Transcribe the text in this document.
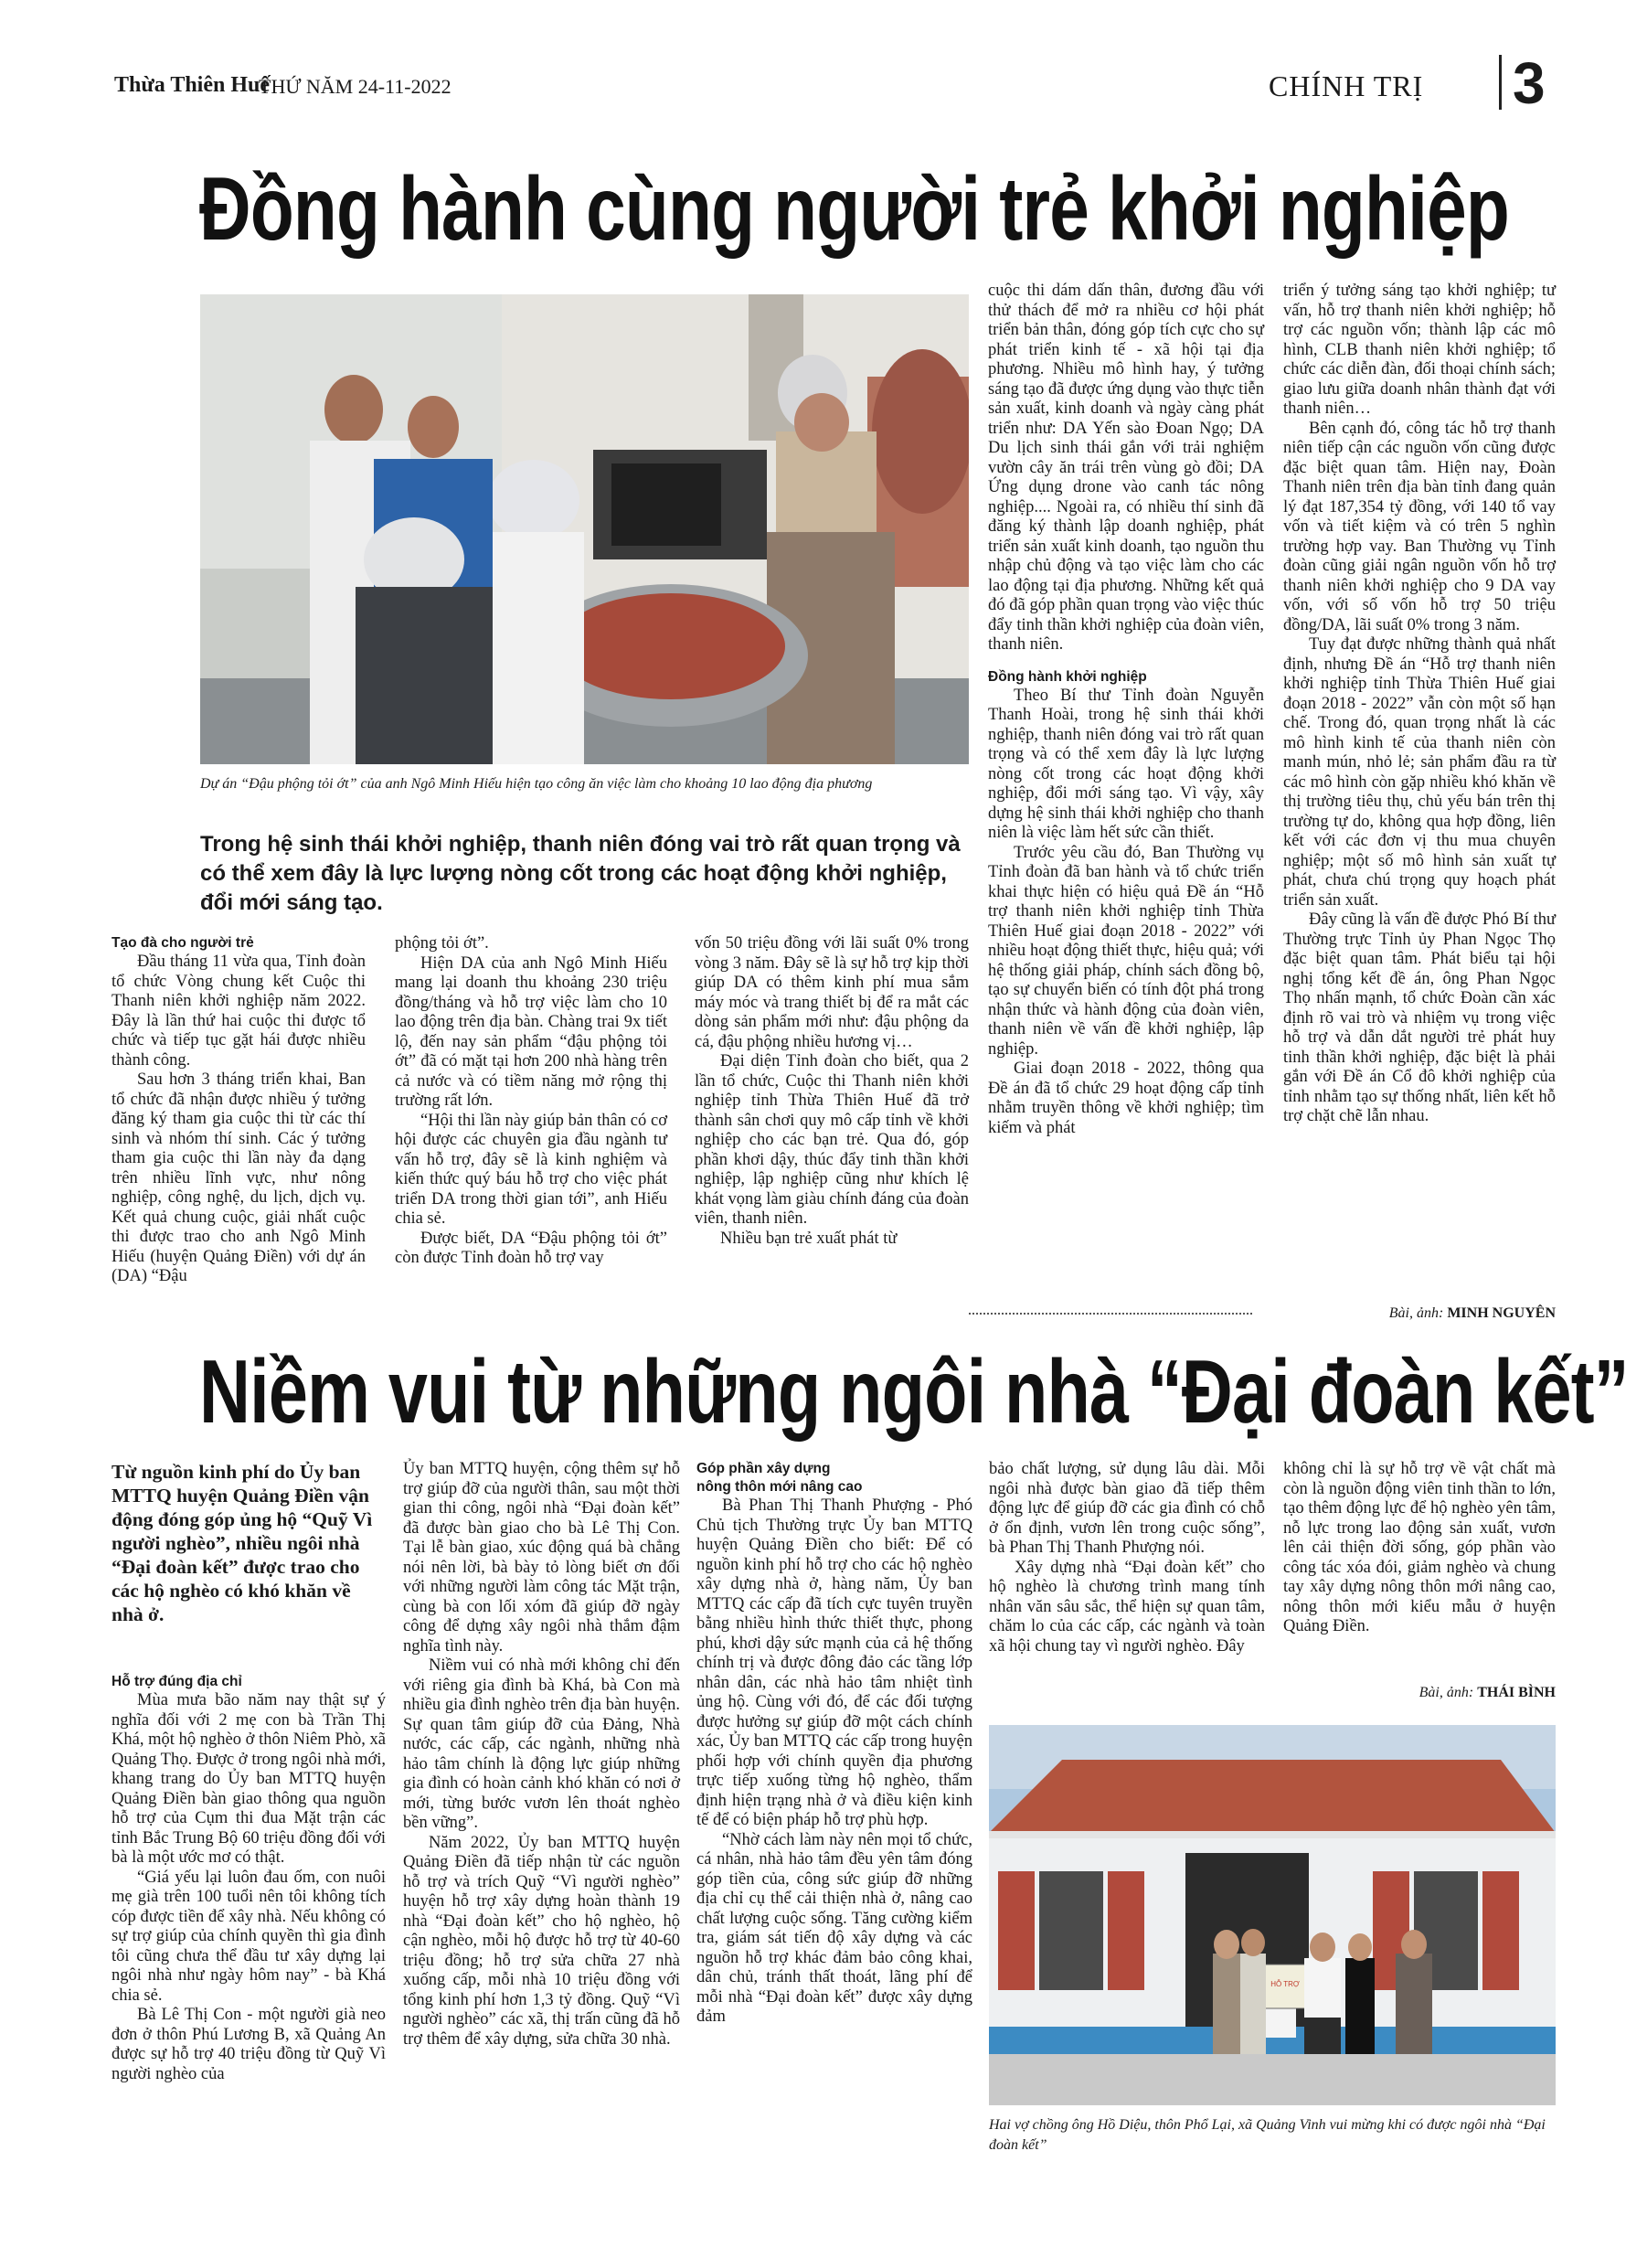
Thừa Thiên Huế
THỨ NĂM 24-11-2022	CHÍNH TRỊ 3
Đồng hành cùng người trẻ khởi nghiệp
Dự án “Đậu phộng tỏi ớt” của anh Ngô Minh Hiếu hiện tạo công ăn việc làm cho khoảng 10 lao động địa phương
Trong hệ sinh thái khởi nghiệp, thanh niên đóng vai trò rất quan trọng và có thể xem đây là lực lượng nòng cốt trong các hoạt động khởi nghiệp, đổi mới sáng tạo.

Tạo đà cho người trẻ

Đầu tháng 11 vừa qua, Tỉnh đoàn tổ chức Vòng chung kết Cuộc thi Thanh niên khởi nghiệp năm 2022. Đây là lần thứ hai cuộc thi được tổ chức và tiếp tục gặt hái được nhiều thành công.

Sau hơn 3 tháng triển khai, Ban tổ chức đã nhận được nhiều ý tưởng đăng ký tham gia cuộc thi từ các thí sinh và nhóm thí sinh. Các ý tưởng tham gia cuộc thi lần này đa dạng trên nhiều lĩnh vực, như nông nghiệp, công nghệ, du lịch, dịch vụ. Kết quả chung cuộc, giải nhất cuộc thi được trao cho anh Ngô Minh Hiếu (huyện Quảng Điền) với dự án (DA) “Đậu

phộng tỏi ớt”.

Hiện DA của anh Ngô Minh Hiếu mang lại doanh thu khoảng 230 triệu đồng/tháng và hỗ trợ việc làm cho 10 lao động trên địa bàn. Chàng trai 9x tiết lộ, đến nay sản phẩm “đậu phộng tỏi ớt” đã có mặt tại hơn 200 nhà hàng trên cả nước và có tiềm năng mở rộng thị trường rất lớn.

“Hội thi lần này giúp bản thân có cơ hội được các chuyên gia đầu ngành tư vấn hỗ trợ, đây sẽ là kinh nghiệm và kiến thức quý báu hỗ trợ cho việc phát triển DA trong thời gian tới”, anh Hiếu chia sẻ.

Được biết, DA “Đậu phộng tỏi ớt” còn được Tỉnh đoàn hỗ trợ vay

vốn 50 triệu đồng với lãi suất 0% trong vòng 3 năm. Đây sẽ là sự hỗ trợ kịp thời giúp DA có thêm kinh phí mua sắm máy móc và trang thiết bị để ra mắt các dòng sản phẩm mới như: đậu phộng da cá, đậu phộng nhiều hương vị…

Đại diện Tỉnh đoàn cho biết, qua 2 lần tổ chức, Cuộc thi Thanh niên khởi nghiệp tỉnh Thừa Thiên Huế đã trở thành sân chơi quy mô cấp tỉnh về khởi nghiệp cho các bạn trẻ. Qua đó, góp phần khơi dậy, thúc đẩy tinh thần khởi nghiệp, lập nghiệp cũng như khích lệ khát vọng làm giàu chính đáng của đoàn viên, thanh niên.

Nhiều bạn trẻ xuất phát từ

cuộc thi dám dấn thân, đương đầu với thử thách để mở ra nhiều cơ hội phát triển bản thân, đóng góp tích cực cho sự phát triển kinh tế - xã hội tại địa phương. Nhiều mô hình hay, ý tưởng sáng tạo đã được ứng dụng vào thực tiễn sản xuất, kinh doanh và ngày càng phát triển như: DA Yến sào Đoan Ngọ; DA Du lịch sinh thái gắn với trải nghiệm vườn cây ăn trái trên vùng gò đồi; DA Ứng dụng drone vào canh tác nông nghiệp.... Ngoài ra, có nhiều thí sinh đã đăng ký thành lập doanh nghiệp, phát triển sản xuất kinh doanh, tạo nguồn thu nhập chủ động và tạo việc làm cho các lao động tại địa phương. Những kết quả đó đã góp phần quan trọng vào việc thúc đẩy tinh thần khởi nghiệp của đoàn viên, thanh niên.

Đồng hành khởi nghiệp

Theo Bí thư Tỉnh đoàn Nguyễn Thanh Hoài, trong hệ sinh thái khởi nghiệp, thanh niên đóng vai trò rất quan trọng và có thể xem đây là lực lượng nòng cốt trong các hoạt động khởi nghiệp, đổi mới sáng tạo. Vì vậy, xây dựng hệ sinh thái khởi nghiệp cho thanh niên là việc làm hết sức cần thiết.

Trước yêu cầu đó, Ban Thường vụ Tỉnh đoàn đã ban hành và tổ chức triển khai thực hiện có hiệu quả Đề án “Hỗ trợ thanh niên khởi nghiệp tỉnh Thừa Thiên Huế giai đoạn 2018 - 2022” với nhiều hoạt động thiết thực, hiệu quả; với hệ thống giải pháp, chính sách đồng bộ, tạo sự chuyển biến có tính đột phá trong nhận thức và hành động của đoàn viên, thanh niên về vấn đề khởi nghiệp, lập nghiệp.

Giai đoạn 2018 - 2022, thông qua Đề án đã tổ chức 29 hoạt động cấp tỉnh nhằm truyền thông về khởi nghiệp; tìm kiếm và phát

triển ý tưởng sáng tạo khởi nghiệp; tư vấn, hỗ trợ thanh niên khởi nghiệp; hỗ trợ các nguồn vốn; thành lập các mô hình, CLB thanh niên khởi nghiệp; tổ chức các diễn đàn, đối thoại chính sách; giao lưu giữa doanh nhân thành đạt với thanh niên…

Bên cạnh đó, công tác hỗ trợ thanh niên tiếp cận các nguồn vốn cũng được đặc biệt quan tâm. Hiện nay, Đoàn Thanh niên trên địa bàn tỉnh đang quản lý đạt 187,354 tỷ đồng, với 140 tổ vay vốn và tiết kiệm và có trên 5 nghìn trường hợp vay. Ban Thường vụ Tỉnh đoàn cũng giải ngân nguồn vốn hỗ trợ thanh niên khởi nghiệp cho 9 DA vay vốn, với số vốn hỗ trợ 50 triệu đồng/DA, lãi suất 0% trong 3 năm.

Tuy đạt được những thành quả nhất định, nhưng Đề án “Hỗ trợ thanh niên khởi nghiệp tỉnh Thừa Thiên Huế giai đoạn 2018 - 2022” vẫn còn một số hạn chế. Trong đó, quan trọng nhất là các mô hình kinh tế của thanh niên còn manh mún, nhỏ lẻ; sản phẩm đầu ra từ các mô hình còn gặp nhiều khó khăn về thị trường tiêu thụ, chủ yếu bán trên thị trường tự do, không qua hợp đồng, liên kết với các đơn vị thu mua chuyên nghiệp; một số mô hình sản xuất tự phát, chưa chú trọng quy hoạch phát triển sản xuất.

Đây cũng là vấn đề được Phó Bí thư Thường trực Tỉnh ủy Phan Ngọc Thọ đặc biệt quan tâm. Phát biểu tại hội nghị tổng kết đề án, ông Phan Ngọc Thọ nhấn mạnh, tổ chức Đoàn cần xác định rõ vai trò và nhiệm vụ trong việc hỗ trợ và dẫn dắt người trẻ phát huy tinh thần khởi nghiệp, đặc biệt là phải gắn với Đề án Cổ đô khởi nghiệp của tỉnh nhằm tạo sự thống nhất, liên kết hỗ trợ chặt chẽ lẫn nhau.

Bài, ảnh: MINH NGUYÊN
Niềm vui từ những ngôi nhà “Đại đoàn kết”
Từ nguồn kinh phí do Ủy ban MTTQ huyện Quảng Điền vận động đóng góp ủng hộ “Quỹ Vì người nghèo”, nhiều ngôi nhà “Đại đoàn kết” được trao cho các hộ nghèo có khó khăn về nhà ở.

Hỗ trợ đúng địa chỉ

Mùa mưa bão năm nay thật sự ý nghĩa đối với 2 mẹ con bà Trần Thị Khá, một hộ nghèo ở thôn Niêm Phò, xã Quảng Thọ. Được ở trong ngôi nhà mới, khang trang do Ủy ban MTTQ huyện Quảng Điền bàn giao thông qua nguồn hỗ trợ của Cụm thi đua Mặt trận các tỉnh Bắc Trung Bộ 60 triệu đồng đối với bà là một ước mơ có thật.

“Giá yếu lại luôn đau ốm, con nuôi mẹ già trên 100 tuổi nên tôi không tích cóp được tiền để xây nhà. Nếu không có sự trợ giúp của chính quyền thì gia đình tôi cũng chưa thể đầu tư xây dựng lại ngôi nhà như ngày hôm nay” - bà Khá chia sẻ.

Bà Lê Thị Con - một người già neo đơn ở thôn Phú Lương B, xã Quảng An được sự hỗ trợ 40 triệu đồng từ Quỹ Vì người nghèo của

Ủy ban MTTQ huyện, cộng thêm sự hỗ trợ giúp đỡ của người thân, sau một thời gian thi công, ngôi nhà “Đại đoàn kết” đã được bàn giao cho bà Lê Thị Con. Tại lễ bàn giao, xúc động quá bà chẳng nói nên lời, bà bày tỏ lòng biết ơn đối với những người làm công tác Mặt trận, cùng bà con lối xóm đã giúp đỡ ngày công để dựng xây ngôi nhà thắm đậm nghĩa tình này.

Niềm vui có nhà mới không chỉ đến với riêng gia đình bà Khá, bà Con mà nhiều gia đình nghèo trên địa bàn huyện. Sự quan tâm giúp đỡ của Đảng, Nhà nước, các cấp, các ngành, những nhà hảo tâm chính là động lực giúp những gia đình có hoàn cảnh khó khăn có nơi ở mới, từng bước vươn lên thoát nghèo bền vững”.

Năm 2022, Ủy ban MTTQ huyện Quảng Điền đã tiếp nhận từ các nguồn hỗ trợ và trích Quỹ “Vì người nghèo” huyện hỗ trợ xây dựng hoàn thành 19 nhà “Đại đoàn kết” cho hộ nghèo, hộ cận nghèo, mỗi hộ được hỗ trợ từ 40-60 triệu đồng; hỗ trợ sửa chữa 27 nhà xuống cấp, mỗi nhà 10 triệu đồng với tổng kinh phí hơn 1,3 tỷ đồng. Quỹ “Vì người nghèo” các xã, thị trấn cũng đã hỗ trợ thêm để xây dựng, sửa chữa 30 nhà.

Góp phần xây dựng

nông thôn mới nâng cao

Bà Phan Thị Thanh Phượng - Phó Chủ tịch Thường trực Ủy ban MTTQ huyện Quảng Điền cho biết: Để có nguồn kinh phí hỗ trợ cho các hộ nghèo xây dựng nhà ở, hàng năm, Ủy ban MTTQ các cấp đã tích cực tuyên truyền bằng nhiều hình thức thiết thực, phong phú, khơi dậy sức mạnh của cả hệ thống chính trị và được đông đảo các tầng lớp nhân dân, các nhà hảo tâm nhiệt tình ủng hộ. Cùng với đó, để các đối tượng được hưởng sự giúp đỡ một cách chính xác, Ủy ban MTTQ các cấp trong huyện phối hợp với chính quyền địa phương trực tiếp xuống từng hộ nghèo, thẩm định hiện trạng nhà ở và điều kiện kinh tế để có biện pháp hỗ trợ phù hợp.

“Nhờ cách làm này nên mọi tổ chức, cá nhân, nhà hảo tâm đều yên tâm đóng góp tiền của, công sức giúp đỡ những địa chỉ cụ thể cải thiện nhà ở, nâng cao chất lượng cuộc sống. Tăng cường kiểm tra, giám sát tiến độ xây dựng và các nguồn hỗ trợ khác đảm bảo công khai, dân chủ, tránh thất thoát, lãng phí để mỗi nhà “Đại đoàn kết” được xây dựng đảm

bảo chất lượng, sử dụng lâu dài. Mỗi ngôi nhà được bàn giao đã tiếp thêm động lực để giúp đỡ các gia đình có chỗ ở ổn định, vươn lên trong cuộc sống”, bà Phan Thị Thanh Phượng nói.

Xây dựng nhà “Đại đoàn kết” cho hộ nghèo là chương trình mang tính nhân văn sâu sắc, thể hiện sự quan tâm, chăm lo của các cấp, các ngành và toàn xã hội chung tay vì người nghèo. Đây

không chỉ là sự hỗ trợ về vật chất mà còn là nguồn động viên tinh thần to lớn, tạo thêm động lực để hộ nghèo yên tâm, nỗ lực trong lao động sản xuất, vươn lên cải thiện đời sống, góp phần vào công tác xóa đói, giảm nghèo và chung tay xây dựng nông thôn mới nâng cao, nông thôn mới kiểu mẫu ở huyện Quảng Điền.

Bài, ảnh: THÁI BÌNH
HỖ TRỢ
Hai vợ chồng ông Hồ Diệu, thôn Phổ Lại, xã Quảng Vinh vui mừng khi có được ngôi nhà “Đại đoàn kết”
